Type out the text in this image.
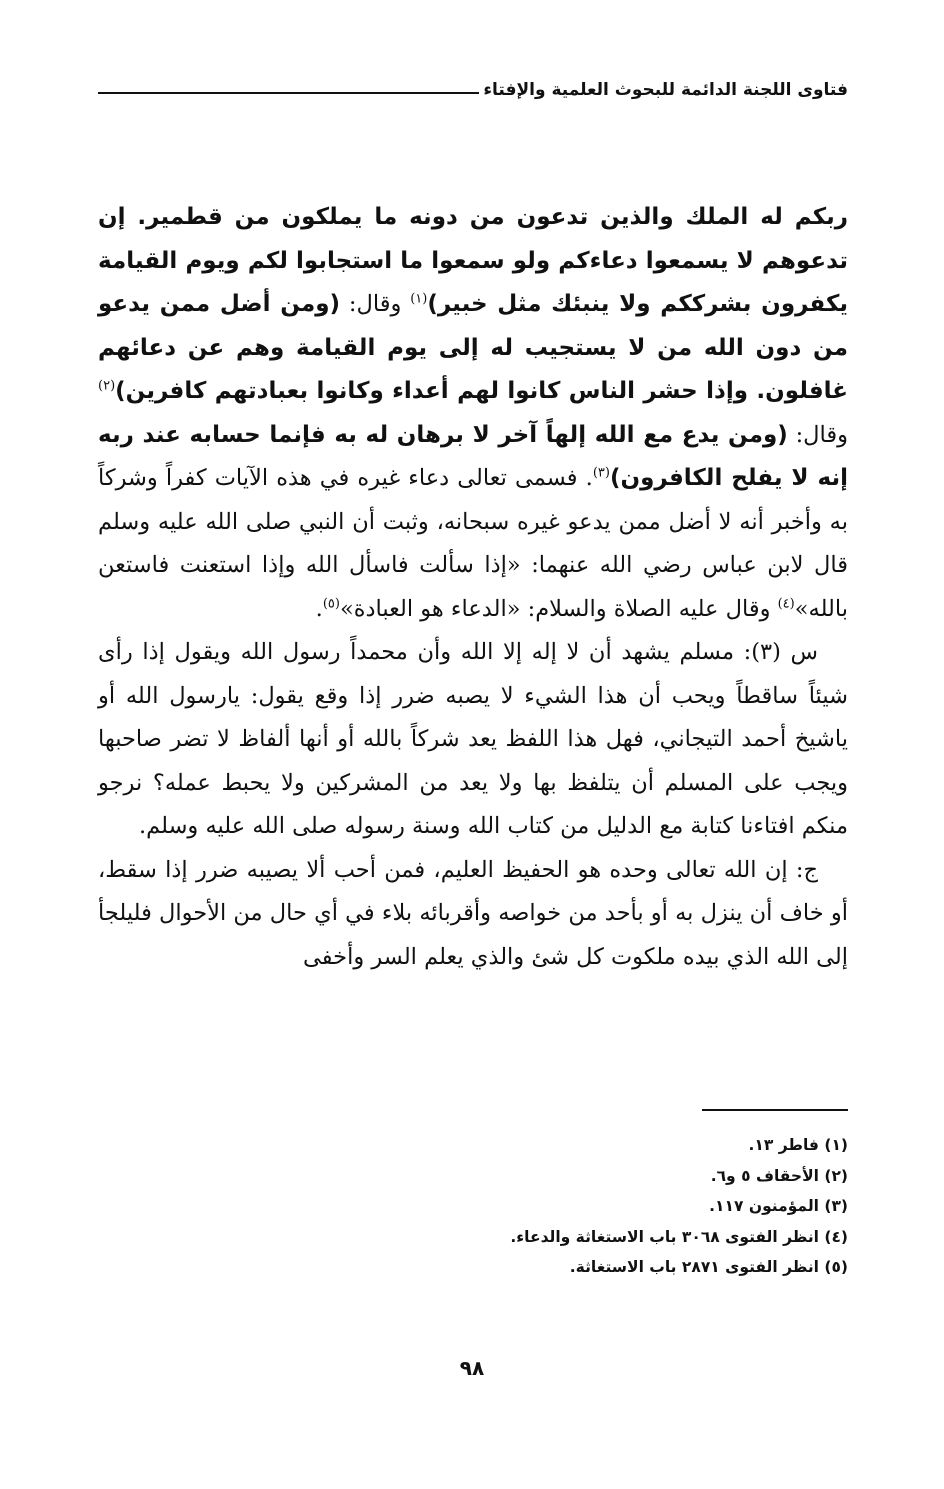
فتاوى اللجنة الدائمة للبحوث العلمية والإفتاء

ربكم له الملك والذين تدعون من دونه ما يملكون من قطمير. إن تدعوهم لا يسمعوا دعاءكم ولو سمعوا ما استجابوا لكم ويوم القيامة يكفرون بشرككم ولا ينبئك مثل خبير)$^{(١)}$ وقال: (ومن أضل ممن يدعو من دون الله من لا يستجيب له إلى يوم القيامة وهم عن دعائهم غافلون. وإذا حشر الناس كانوا لهم أعداء وكانوا بعبادتهم كافرين)$^{(٢)}$ وقال: (ومن يدع مع الله إلهاً آخر لا برهان له به فإنما حسابه عند ربه إنه لا يفلح الكافرون)$^{(٣)}$. فسمى تعالى دعاء غيره في هذه الآيات كفراً وشركاً به وأخبر أنه لا أضل ممن يدعو غيره سبحانه، وثبت أن النبي صلى الله عليه وسلم قال لابن عباس رضي الله عنهما: «إذا سألت فاسأل الله وإذا استعنت فاستعن بالله»$^{(٤)}$ وقال عليه الصلاة والسلام: «الدعاء هو العبادة»$^{(٥)}$.

س (٣): مسلم يشهد أن لا إله إلا الله وأن محمداً رسول الله ويقول إذا رأى شيئاً ساقطاً ويحب أن هذا الشيء لا يصبه ضرر إذا وقع يقول: يارسول الله أو ياشيخ أحمد التيجاني، فهل هذا اللفظ يعد شركاً بالله أو أنها ألفاظ لا تضر صاحبها ويجب على المسلم أن يتلفظ بها ولا يعد من المشركين ولا يحبط عمله؟ نرجو منكم افتاءنا كتابة مع الدليل من كتاب الله وسنة رسوله صلى الله عليه وسلم.

ج: إن الله تعالى وحده هو الحفيظ العليم، فمن أحب ألا يصيبه ضرر إذا سقط، أو خاف أن ينزل به أو بأحد من خواصه وأقربائه بلاء في أي حال من الأحوال فليلجأ إلى الله الذي بيده ملكوت كل شئ والذي يعلم السر وأخفى

(١) فاطر ١٣.
(٢) الأحقاف ٥ و٦.
(٣) المؤمنون ١١٧.
(٤) انظر الفتوى ٣٠٦٨ باب الاستغاثة والدعاء.
(٥) انظر الفتوى ٢٨٧١ باب الاستغاثة.
٩٨
